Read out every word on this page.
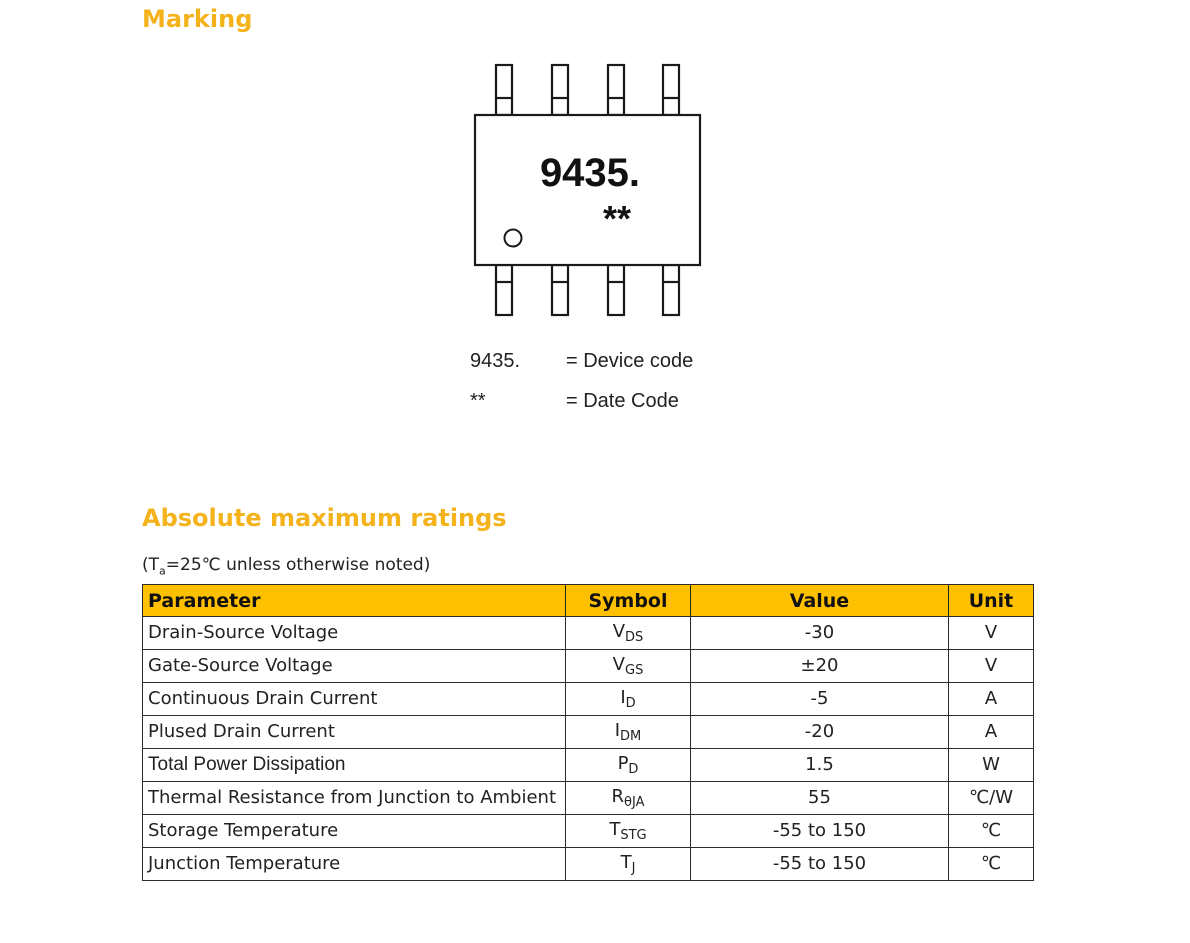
Marking
9435.
**
9435. = Device code
**	= Date Code
Absolute maximum ratings
($T_a=25℃$ unless otherwise noted)
Parameter	Symbol	Value	Unit
Drain-Source Voltage	$V_{DS}$	-30	V
Gate-Source Voltage	$V_{GS}$	±20	V
Continuous Drain Current	$I_D$	-5	A
Plused Drain Current	$I_{DM}$	-20	A
Total Power Dissipation	$P_D$	1.5	W
Thermal Resistance from Junction to Ambient	$R_{\theta JA}$	55	℃/W
Storage Temperature	$T_{STG}$	-55 to 150	℃
Junction Temperature	$T_J$	-55 to 150	℃
